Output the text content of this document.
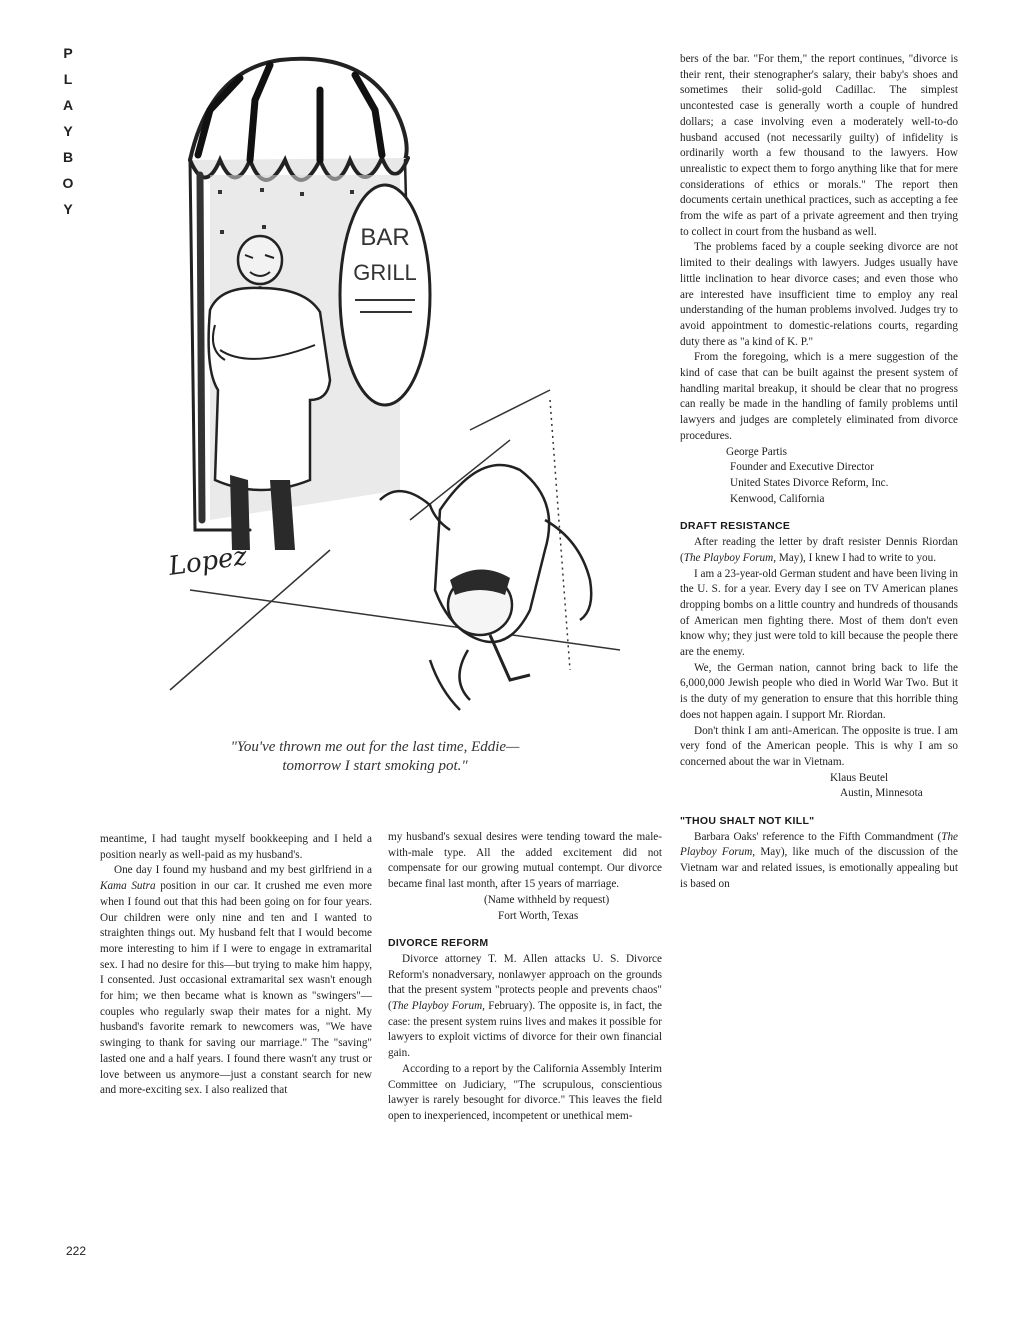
P
L
A
Y
B
O
Y
BAR
GRILL
Lopez
"You've thrown me out for the last time, Eddie—
tomorrow I start smoking pot."

meantime, I had taught myself bookkeeping and I held a position nearly as well-paid as my husband's.

One day I found my husband and my best girlfriend in a Kama Sutra position in our car. It crushed me even more when I found out that this had been going on for four years. Our children were only nine and ten and I wanted to straighten things out. My husband felt that I would become more interesting to him if I were to engage in extramarital sex. I had no desire for this—but trying to make him happy, I consented. Just occasional extramarital sex wasn't enough for him; we then became what is known as "swingers"—couples who regularly swap their mates for a night. My husband's favorite remark to newcomers was, "We have swinging to thank for saving our marriage." The "saving" lasted one and a half years. I found there wasn't any trust or love between us anymore—just a constant search for new and more-exciting sex. I also realized that

my husband's sexual desires were tending toward the male-with-male type. All the added excitement did not compensate for our growing mutual contempt. Our divorce became final last month, after 15 years of marriage.

(Name withheld by request)

Fort Worth, Texas

DIVORCE REFORM

Divorce attorney T. M. Allen attacks U. S. Divorce Reform's nonadversary, nonlawyer approach on the grounds that the present system "protects people and prevents chaos" (The Playboy Forum, February). The opposite is, in fact, the case: the present system ruins lives and makes it possible for lawyers to exploit victims of divorce for their own financial gain.

According to a report by the California Assembly Interim Committee on Judiciary, "The scrupulous, conscientious lawyer is rarely besought for divorce." This leaves the field open to inexperienced, incompetent or unethical mem-

bers of the bar. "For them," the report continues, "divorce is their rent, their stenographer's salary, their baby's shoes and sometimes their solid-gold Cadillac. The simplest uncontested case is generally worth a couple of hundred dollars; a case involving even a moderately well-to-do husband accused (not necessarily guilty) of infidelity is ordinarily worth a few thousand to the lawyers. How unrealistic to expect them to forgo anything like that for mere considerations of ethics or morals." The report then documents certain unethical practices, such as accepting a fee from the wife as part of a private agreement and then trying to collect in court from the husband as well.

The problems faced by a couple seeking divorce are not limited to their dealings with lawyers. Judges usually have little inclination to hear divorce cases; and even those who are interested have insufficient time to employ any real understanding of the human problems involved. Judges try to avoid appointment to domestic-relations courts, regarding duty there as "a kind of K. P."

From the foregoing, which is a mere suggestion of the kind of case that can be built against the present system of handling marital breakup, it should be clear that no progress can really be made in the handling of family problems until lawyers and judges are completely eliminated from divorce procedures.

George Partis

Founder and Executive Director

United States Divorce Reform, Inc.

Kenwood, California

DRAFT RESISTANCE

After reading the letter by draft resister Dennis Riordan (The Playboy Forum, May), I knew I had to write to you.

I am a 23-year-old German student and have been living in the U. S. for a year. Every day I see on TV American planes dropping bombs on a little country and hundreds of thousands of American men fighting there. Most of them don't even know why; they just were told to kill because the people there are the enemy.

We, the German nation, cannot bring back to life the 6,000,000 Jewish people who died in World War Two. But it is the duty of my generation to ensure that this horrible thing does not happen again. I support Mr. Riordan.

Don't think I am anti-American. The opposite is true. I am very fond of the American people. This is why I am so concerned about the war in Vietnam.

Klaus Beutel

Austin, Minnesota

"THOU SHALT NOT KILL"

Barbara Oaks' reference to the Fifth Commandment (The Playboy Forum, May), like much of the discussion of the Vietnam war and related issues, is emotionally appealing but is based on

222
